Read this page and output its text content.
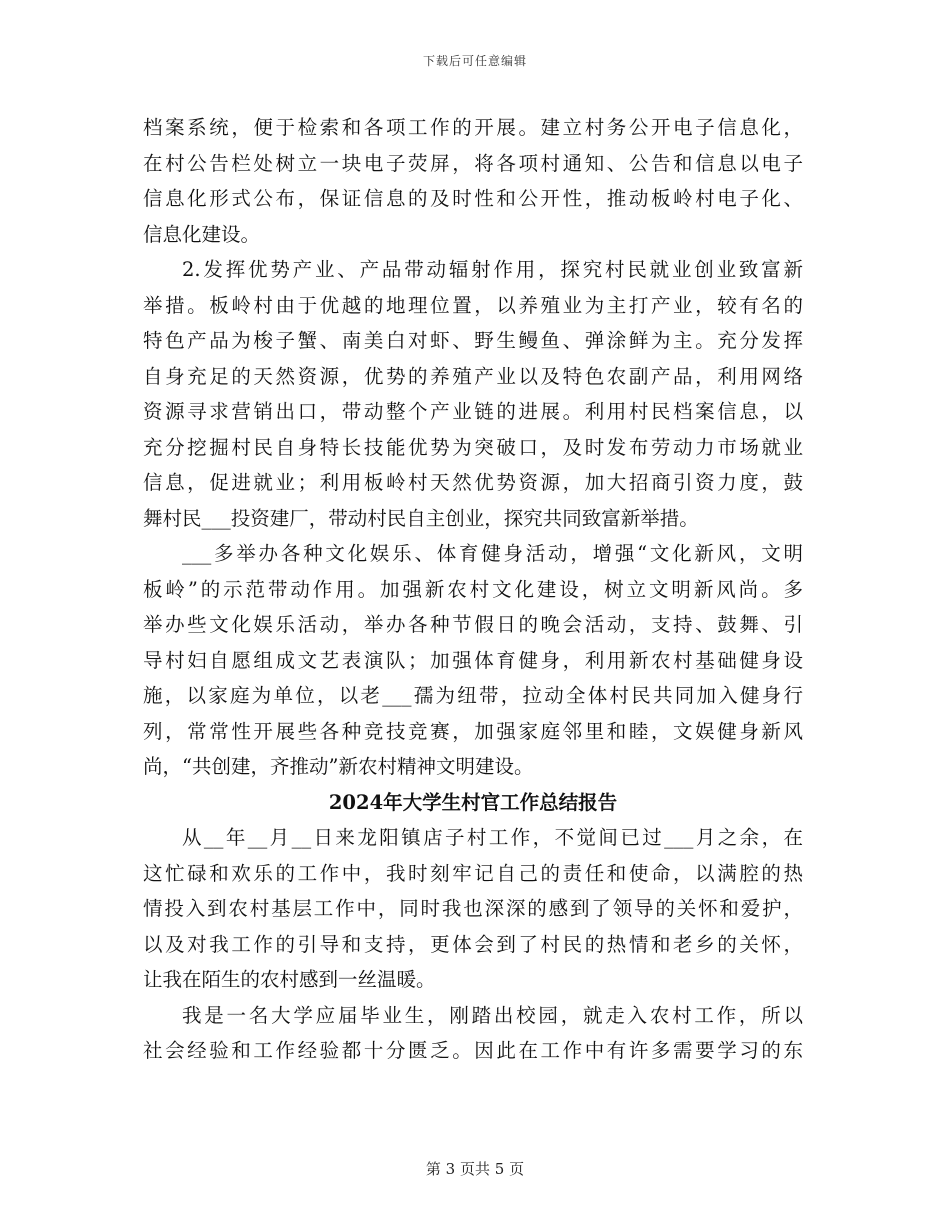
下载后可任意编辑
档案系统，便于检索和各项工作的开展。建立村务公开电子信息化，
在村公告栏处树立一块电子荧屏，将各项村通知、公告和信息以电子
信息化形式公布，保证信息的及时性和公开性，推动板岭村电子化、
信息化建设。
2.发挥优势产业、产品带动辐射作用，探究村民就业创业致富新
举措。板岭村由于优越的地理位置，以养殖业为主打产业，较有名的
特色产品为梭子蟹、南美白对虾、野生鳗鱼、弹涂鲜为主。充分发挥
自身充足的天然资源，优势的养殖产业以及特色农副产品，利用网络
资源寻求营销出口，带动整个产业链的进展。利用村民档案信息，以
充分挖掘村民自身特长技能优势为突破口，及时发布劳动力市场就业
信息，促进就业；利用板岭村天然优势资源，加大招商引资力度，鼓
舞村民___投资建厂，带动村民自主创业，探究共同致富新举措。
___多举办各种文化娱乐、体育健身活动，增强“文化新风，文明
板岭”的示范带动作用。加强新农村文化建设，树立文明新风尚。多
举办些文化娱乐活动，举办各种节假日的晚会活动，支持、鼓舞、引
导村妇自愿组成文艺表演队；加强体育健身，利用新农村基础健身设
施，以家庭为单位，以老___孺为纽带，拉动全体村民共同加入健身行
列，常常性开展些各种竞技竞赛，加强家庭邻里和睦，文娱健身新风
尚，“共创建，齐推动”新农村精神文明建设。
2024年大学生村官工作总结报告
从__年__月__日来龙阳镇店子村工作，不觉间已过___月之余，在
这忙碌和欢乐的工作中，我时刻牢记自己的责任和使命，以满腔的热
情投入到农村基层工作中，同时我也深深的感到了领导的关怀和爱护，
以及对我工作的引导和支持，更体会到了村民的热情和老乡的关怀，
让我在陌生的农村感到一丝温暖。
我是一名大学应届毕业生，刚踏出校园，就走入农村工作，所以
社会经验和工作经验都十分匮乏。因此在工作中有许多需要学习的东
第 3 页共 5 页
